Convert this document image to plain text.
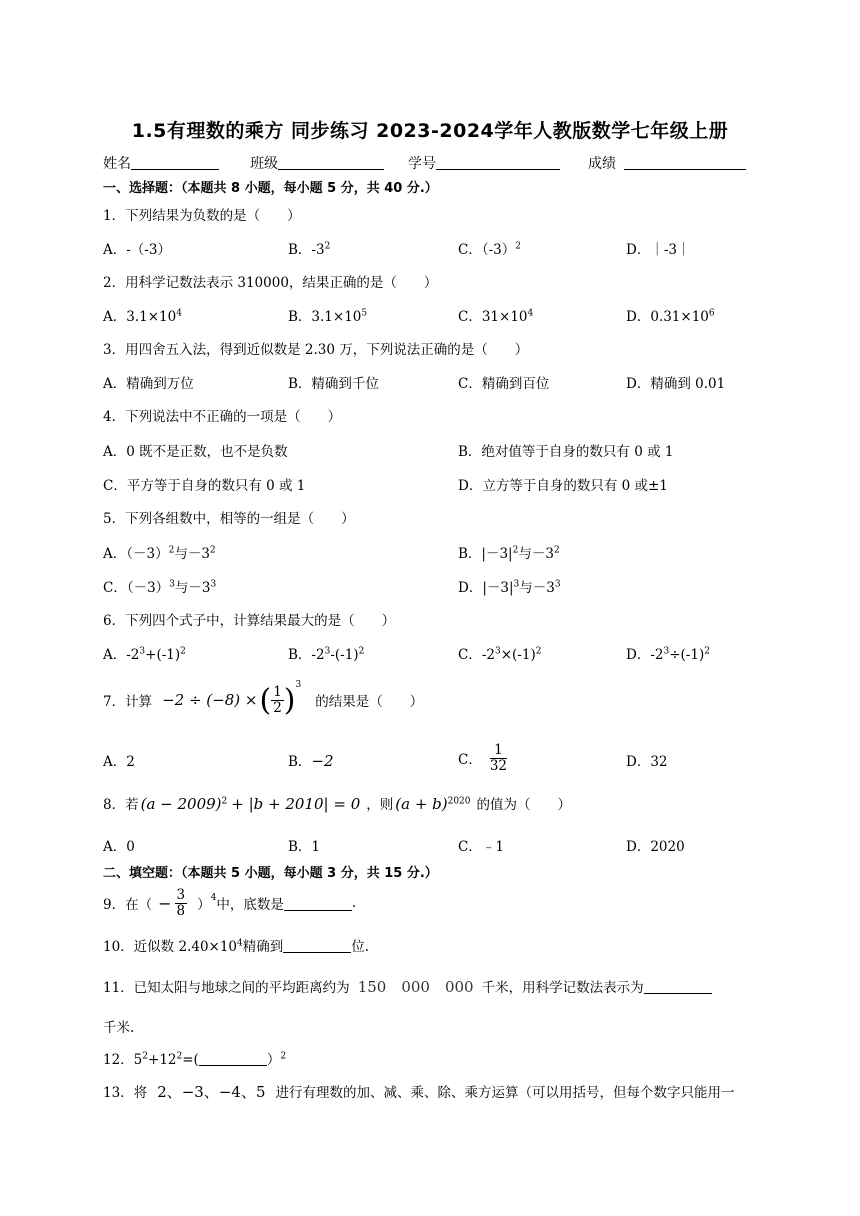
1.5有理数的乘方 同步练习 2023-2024学年人教版数学七年级上册
姓名	班级	学号	成绩
一、选择题：（本题共 8 小题，每小题 5 分，共 40 分.）
1．下列结果为负数的是（　　）
A．-（-3）	B．$-3^2$	C．$(-3)^2$	D．｜-3｜
2．用科学记数法表示 310000，结果正确的是（　　）
A．$3.1\times 10^4$	B．$3.1\times 10^5$	C．$31\times 10^4$	D．$0.31\times 10^6$
3．用四舍五入法，得到近似数是 2.30 万，下列说法正确的是（　　）
A．精确到万位	B．精确到千位	C．精确到百位	D．精确到 0.01
4．下列说法中不正确的一项是（　　）
A．0 既不是正数，也不是负数	B．绝对值等于自身的数只有 0 或 1
C．平方等于自身的数只有 0 或 1	D．立方等于自身的数只有 0 或±1
5．下列各组数中，相等的一组是（　　）
A．$(-3)^2$与$-3^2$	B．$|-3|^2$与$-3^2$
C．$(-3)^3$与$-3^3$	D．$|-3|^3$与$-3^3$
6．下列四个式子中，计算结果最大的是（　　）
A．$-2^3+(-1)^2$	B．$-2^3-(-1)^2$	C．$-2^3\times(-1)^2$	D．$-2^3\div(-1)^2$
7．计算 −2 ÷ (−8) × ( $\frac{1}{2} )^3$
的结果是（　　）
A．2	B．−2	C． $\frac{1}{32}$	D．32
8．若 $(a - 2009)^2 + |b + 2010| = 0$ ，则 $(a + b)^{2020}$ 的值为（　　）
A．0	B．1	C．﹣1	D．2020
二、填空题：（本题共 5 小题，每小题 3 分，共 15 分.）
9．在（ − $\frac{3}{8} )^4$ 中，底数是	.
10．近似数 $2.40\times 10^4$精确到	位.
11．已知太阳与地球之间的平均距离约为 150　000　000 千米，用科学记数法表示为
千米.
12．$5^2+12^2=$(	）$^2$
13．将 2、−3、−4、5 进行有理数的加、减、乘、除、乘方运算（可以用括号，但每个数字只能用一
